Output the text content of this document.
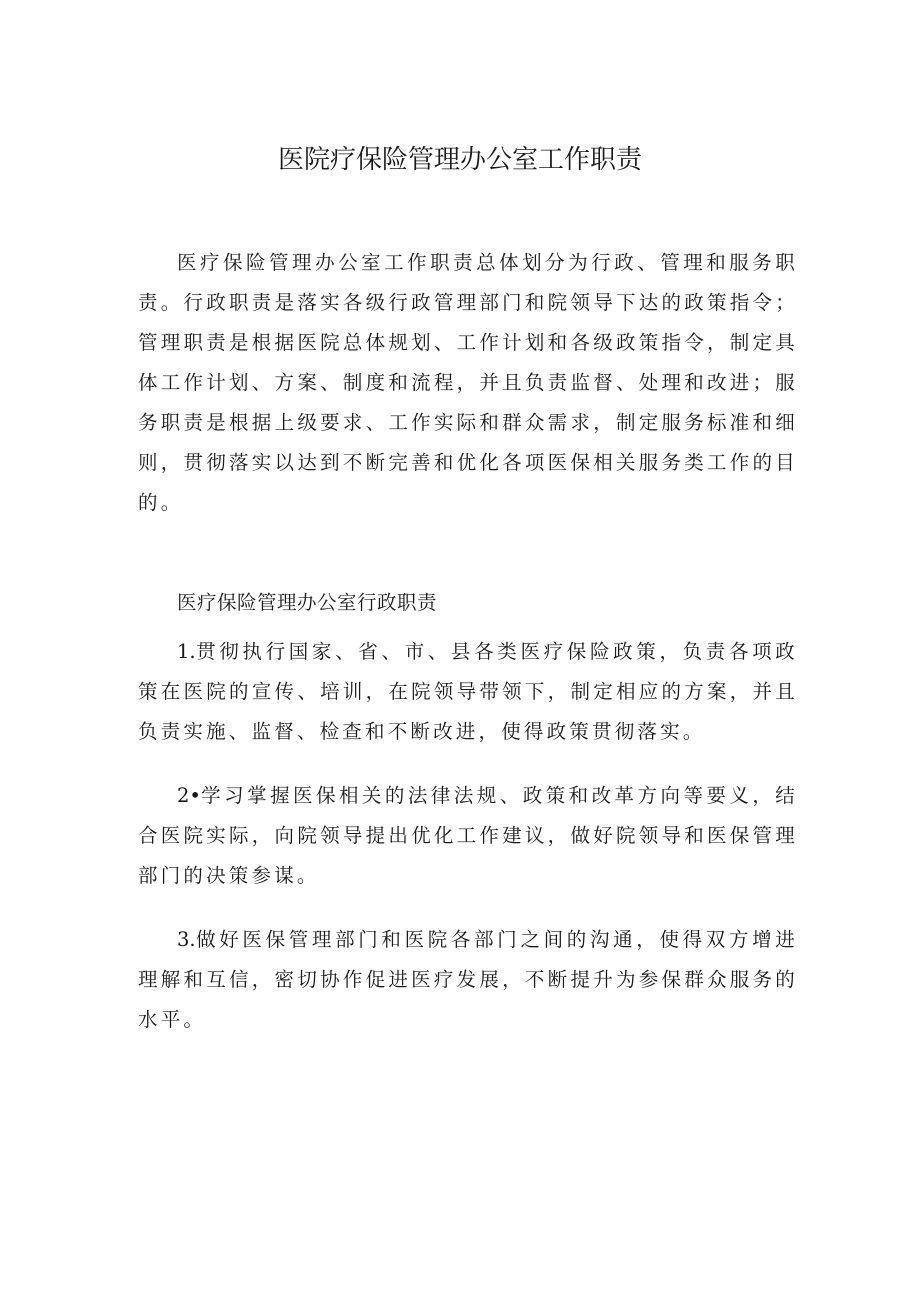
医院疗保险管理办公室工作职责

医疗保险管理办公室工作职责总体划分为行政、管理和服务职责。行政职责是落实各级行政管理部门和院领导下达的政策指令；管理职责是根据医院总体规划、工作计划和各级政策指令，制定具体工作计划、方案、制度和流程，并且负责监督、处理和改进；服务职责是根据上级要求、工作实际和群众需求，制定服务标准和细则，贯彻落实以达到不断完善和优化各项医保相关服务类工作的目的。

医疗保险管理办公室行政职责

1.贯彻执行国家、省、市、县各类医疗保险政策，负责各项政策在医院的宣传、培训，在院领导带领下，制定相应的方案，并且负责实施、监督、检查和不断改进，使得政策贯彻落实。

2•学习掌握医保相关的法律法规、政策和改革方向等要义，结合医院实际，向院领导提出优化工作建议，做好院领导和医保管理部门的决策参谋。

3.做好医保管理部门和医院各部门之间的沟通，使得双方增进理解和互信，密切协作促进医疗发展，不断提升为参保群众服务的水平。
